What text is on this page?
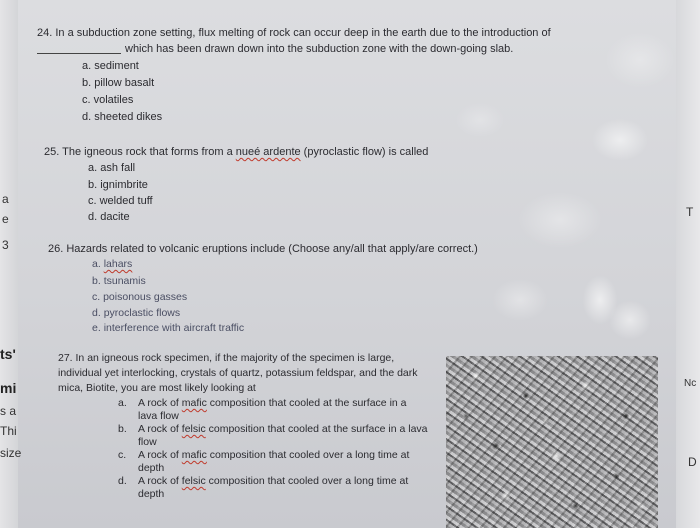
a
e
3
ts'
mi
s a
Thi
size
T
Nc
D

24. In a subduction zone setting, flux melting of rock can occur deep in the earth due to the introduction of

which has been drawn down into the subduction zone with the down-going slab.
a. sediment
b. pillow basalt
c. volatiles
d. sheeted dikes
25. The igneous rock that forms from a nueé ardente (pyroclastic flow) is called
a. ash fall
b. ignimbrite
c. welded tuff
d. dacite
26. Hazards related to volcanic eruptions include (Choose any/all that apply/are correct.)
a. lahars
b. tsunamis
c. poisonous gasses
d. pyroclastic flows
e. interference with aircraft traffic
27. In an igneous rock specimen, if the majority of the specimen is large,
individual yet interlocking, crystals of quartz, potassium feldspar, and the dark
mica, Biotite, you are most likely looking at
a. A rock of mafic composition that cooled at the surface in a lava flow
b. A rock of felsic composition that cooled at the surface in a lava flow
c. A rock of mafic composition that cooled over a long time at depth
d. A rock of felsic composition that cooled over a long time at depth
